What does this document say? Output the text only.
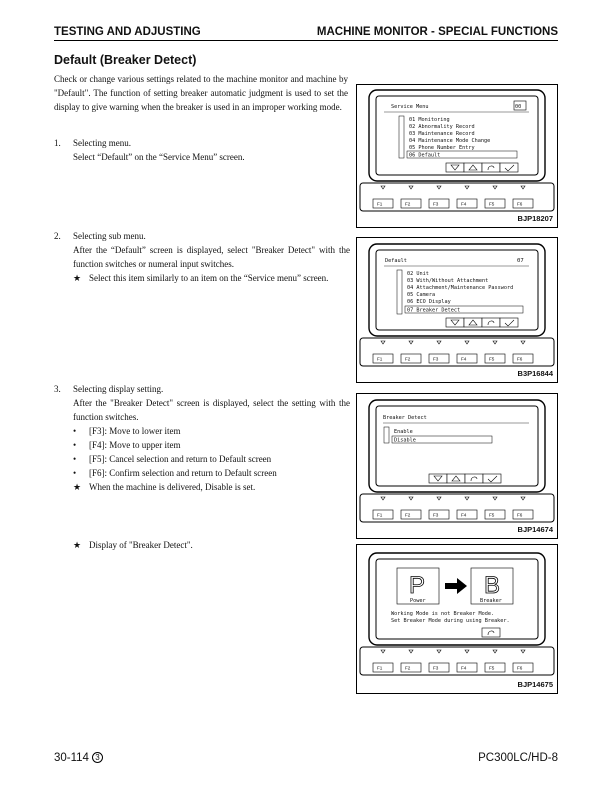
TESTING AND ADJUSTING	MACHINE MONITOR - SPECIAL FUNCTIONS
Default (Breaker Detect)
Check or change various settings related to the machine monitor and machine by "Default". The function of setting breaker automatic judgment is used to set the display to give warning when the breaker is used in an improper working mode.
1. Selecting menu.
Select “Default” on the “Service Menu” screen.
2. Selecting sub menu.
After the “Default” screen is displayed, select "Breaker Detect" with the function switches or numeral input switches.
★ Select this item similarly to an item on the “Service menu” screen.
3. Selecting display setting.
After the "Breaker Detect" screen is displayed, select the setting with the function switches.
• [F3]: Move to lower item
• [F4]: Move to upper item
• [F5]: Cancel selection and return to Default screen
• [F6]: Confirm selection and return to Default screen
★ When the machine is delivered, Disable is set.
★ Display of "Breaker Detect".
Service Menu	00
01 Monitoring
02 Abnormality Record
03 Maintenance Record
04 Maintenance Mode Change
05 Phone Number Entry
06 Default
F1	F2	F3	F4	F5	F6
BJP18207
Default	07
02 Unit
03 With/Without Attachment
04 Attachment/Maintenance Password
05 Camera
06 ECO Display
07 Breaker Detect
F1	F2	F3	F4	F5	F6
B3P16844
Breaker Detect
Enable
Disable
F1	F2	F3	F4	F5	F6
BJP14674
P
Power
B
Breaker
Working Mode is not Breaker Mode.
Set Breaker Mode during using Breaker.
F1	F2	F3	F4	F5	F6
BJP14675
30-114 3	PC300LC/HD-8
